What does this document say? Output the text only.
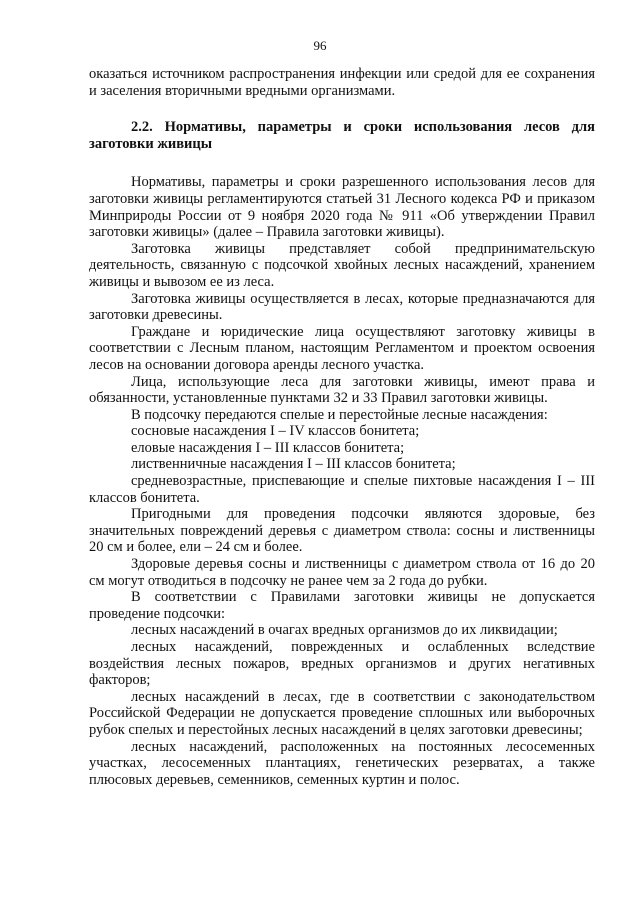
96

оказаться источником распространения инфекции или средой для ее сохранения и заселения вторичными вредными организмами.

2.2. Нормативы, параметры и сроки использования лесов для заготовки живицы

Нормативы, параметры и сроки разрешенного использования лесов для заготовки живицы регламентируются статьей 31 Лесного кодекса РФ и приказом Минприроды России от 9 ноября 2020 года № 911 «Об утверждении Правил заготовки живицы» (далее – Правила заготовки живицы).

Заготовка живицы представляет собой предпринимательскую деятельность, связанную с подсочкой хвойных лесных насаждений, хранением живицы и вывозом ее из леса.

Заготовка живицы осуществляется в лесах, которые предназначаются для заготовки древесины.

Граждане и юридические лица осуществляют заготовку живицы в соответствии с Лесным планом, настоящим Регламентом и проектом освоения лесов на основании договора аренды лесного участка.

Лица, использующие леса для заготовки живицы, имеют права и обязанности, установленные пунктами 32 и 33 Правил заготовки живицы.

В подсочку передаются спелые и перестойные лесные насаждения:

сосновые насаждения I – IV классов бонитета;

еловые насаждения I – III классов бонитета;

лиственничные насаждения I – III классов бонитета;

средневозрастные, приспевающие и спелые пихтовые насаждения I – III классов бонитета.

Пригодными для проведения подсочки являются здоровые, без значительных повреждений деревья с диаметром ствола: сосны и лиственницы 20 см и более, ели – 24 см и более.

Здоровые деревья сосны и лиственницы с диаметром ствола от 16 до 20 см могут отводиться в подсочку не ранее чем за 2 года до рубки.

В соответствии с Правилами заготовки живицы не допускается проведение подсочки:

лесных насаждений в очагах вредных организмов до их ликвидации;

лесных насаждений, поврежденных и ослабленных вследствие воздействия лесных пожаров, вредных организмов и других негативных факторов;

лесных насаждений в лесах, где в соответствии с законодательством Российской Федерации не допускается проведение сплошных или выборочных рубок спелых и перестойных лесных насаждений в целях заготовки древесины;

лесных насаждений, расположенных на постоянных лесосеменных участках, лесосеменных плантациях, генетических резерватах, а также плюсовых деревьев, семенников, семенных куртин и полос.
